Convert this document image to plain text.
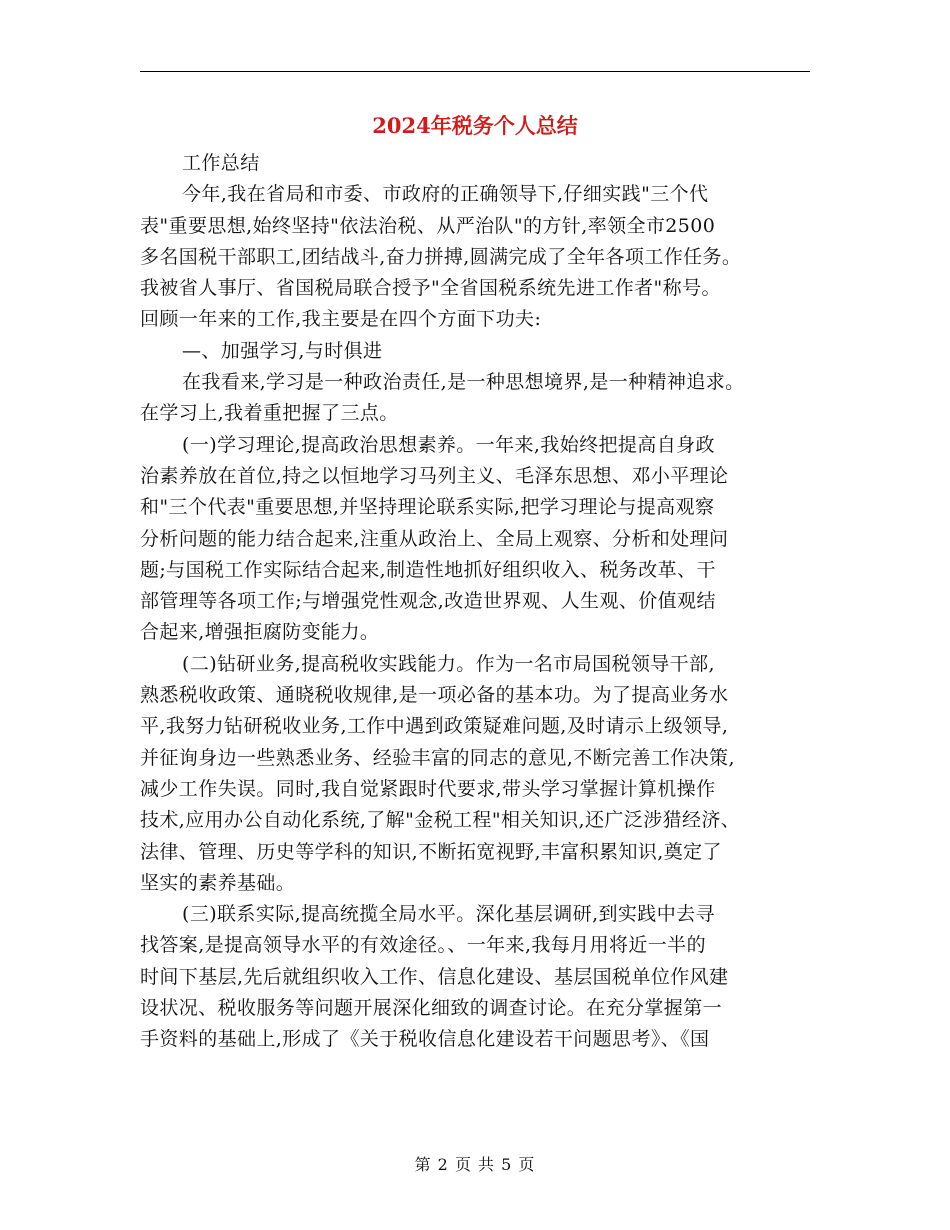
2024年税务个人总结
工作总结
今年,我在省局和市委、市政府的正确领导下,仔细实践"三个代
表"重要思想,始终坚持"依法治税、从严治队"的方针,率领全市2500
多名国税干部职工,团结战斗,奋力拼搏,圆满完成了全年各项工作任务。
我被省人事厅、省国税局联合授予"全省国税系统先进工作者"称号。
回顾一年来的工作,我主要是在四个方面下功夫:
—、加强学习,与时俱进
在我看来,学习是一种政治责任,是一种思想境界,是一种精神追求。
在学习上,我着重把握了三点。
(一)学习理论,提高政治思想素养。一年来,我始终把提高自身政
治素养放在首位,持之以恒地学习马列主义、毛泽东思想、邓小平理论
和"三个代表"重要思想,并坚持理论联系实际,把学习理论与提高观察
分析问题的能力结合起来,注重从政治上、全局上观察、分析和处理问
题;与国税工作实际结合起来,制造性地抓好组织收入、税务改革、干
部管理等各项工作;与增强党性观念,改造世界观、人生观、价值观结
合起来,增强拒腐防变能力。
(二)钻研业务,提高税收实践能力。作为一名市局国税领导干部,
熟悉税收政策、通晓税收规律,是一项必备的基本功。为了提高业务水
平,我努力钻研税收业务,工作中遇到政策疑难问题,及时请示上级领导,
并征询身边一些熟悉业务、经验丰富的同志的意见,不断完善工作决策,
减少工作失误。同时,我自觉紧跟时代要求,带头学习掌握计算机操作
技术,应用办公自动化系统,了解"金税工程"相关知识,还广泛涉猎经济、
法律、管理、历史等学科的知识,不断拓宽视野,丰富积累知识,奠定了
坚实的素养基础。
(三)联系实际,提高统揽全局水平。深化基层调研,到实践中去寻
找答案,是提高领导水平的有效途径。、一年来,我每月用将近一半的
时间下基层,先后就组织收入工作、信息化建设、基层国税单位作风建
设状况、税收服务等问题开展深化细致的调查讨论。在充分掌握第一
手资料的基础上,形成了《关于税收信息化建设若干问题思考》、《国
第 2 页 共 5 页
